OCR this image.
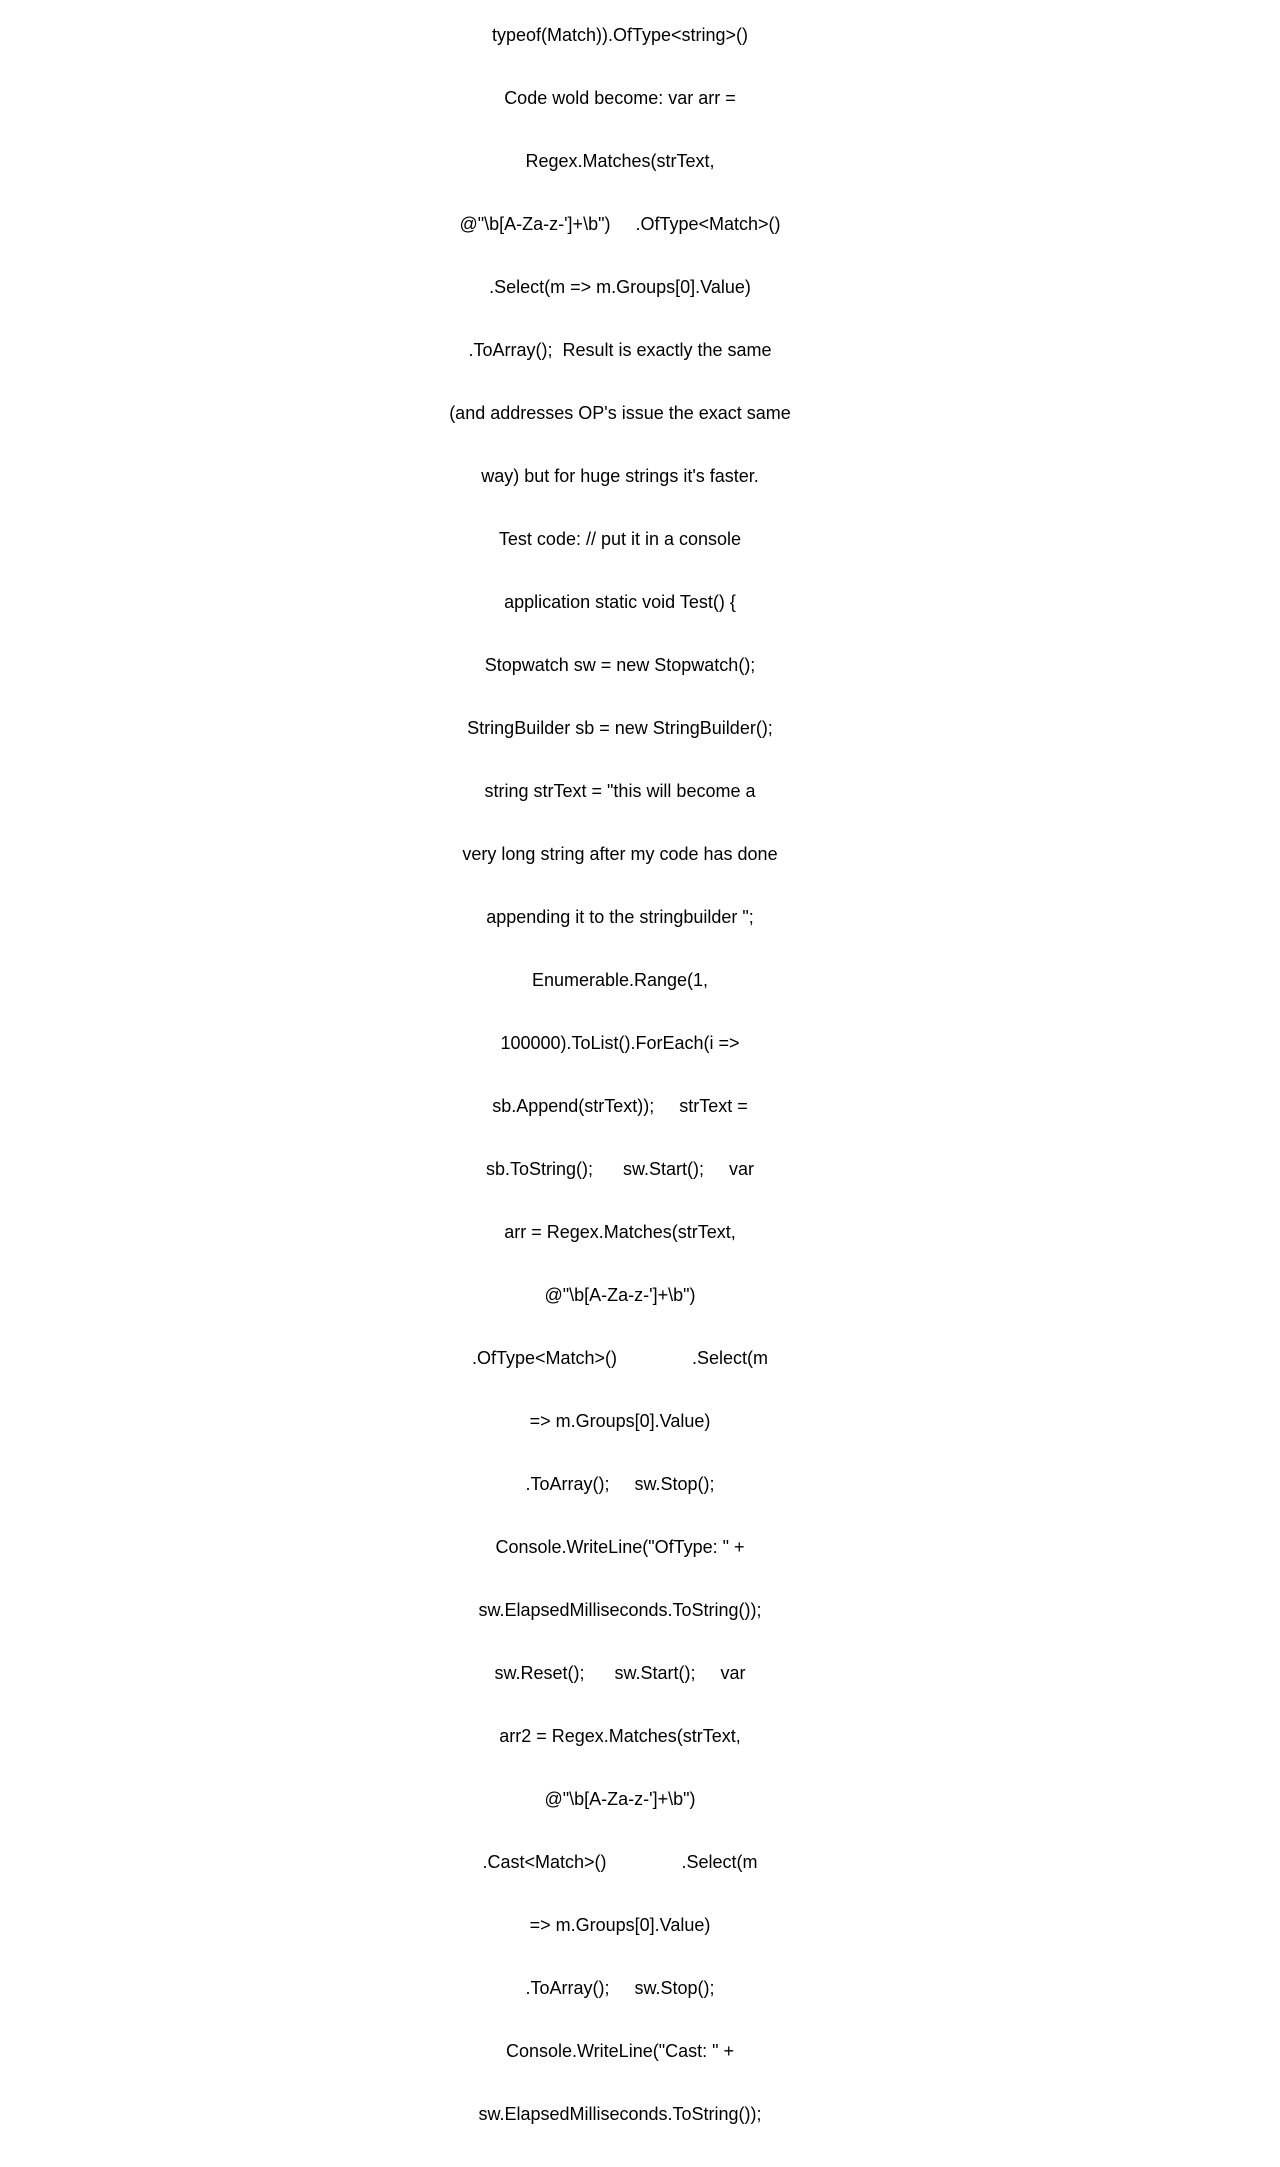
typeof(Match)).OfType<string>()

Code wold become: var arr =

Regex.Matches(strText,

@"\b[A-Za-z-']+\b")     .OfType<Match>()

.Select(m => m.Groups[0].Value)

.ToArray();  Result is exactly the same

(and addresses OP's issue the exact same

way) but for huge strings it's faster.

Test code: // put it in a console

application static void Test() {

Stopwatch sw = new Stopwatch();

StringBuilder sb = new StringBuilder();

string strText = "this will become a

very long string after my code has done

appending it to the stringbuilder ";

Enumerable.Range(1,

100000).ToList().ForEach(i =>

sb.Append(strText));     strText =

sb.ToString();      sw.Start();     var

arr = Regex.Matches(strText,

@"\b[A-Za-z-']+\b")

.OfType<Match>()               .Select(m

=> m.Groups[0].Value)

.ToArray();     sw.Stop();

Console.WriteLine("OfType: " +

sw.ElapsedMilliseconds.ToString());

sw.Reset();      sw.Start();     var

arr2 = Regex.Matches(strText,

@"\b[A-Za-z-']+\b")

.Cast<Match>()               .Select(m

=> m.Groups[0].Value)

.ToArray();     sw.Stop();

Console.WriteLine("Cast: " +

sw.ElapsedMilliseconds.ToString());
